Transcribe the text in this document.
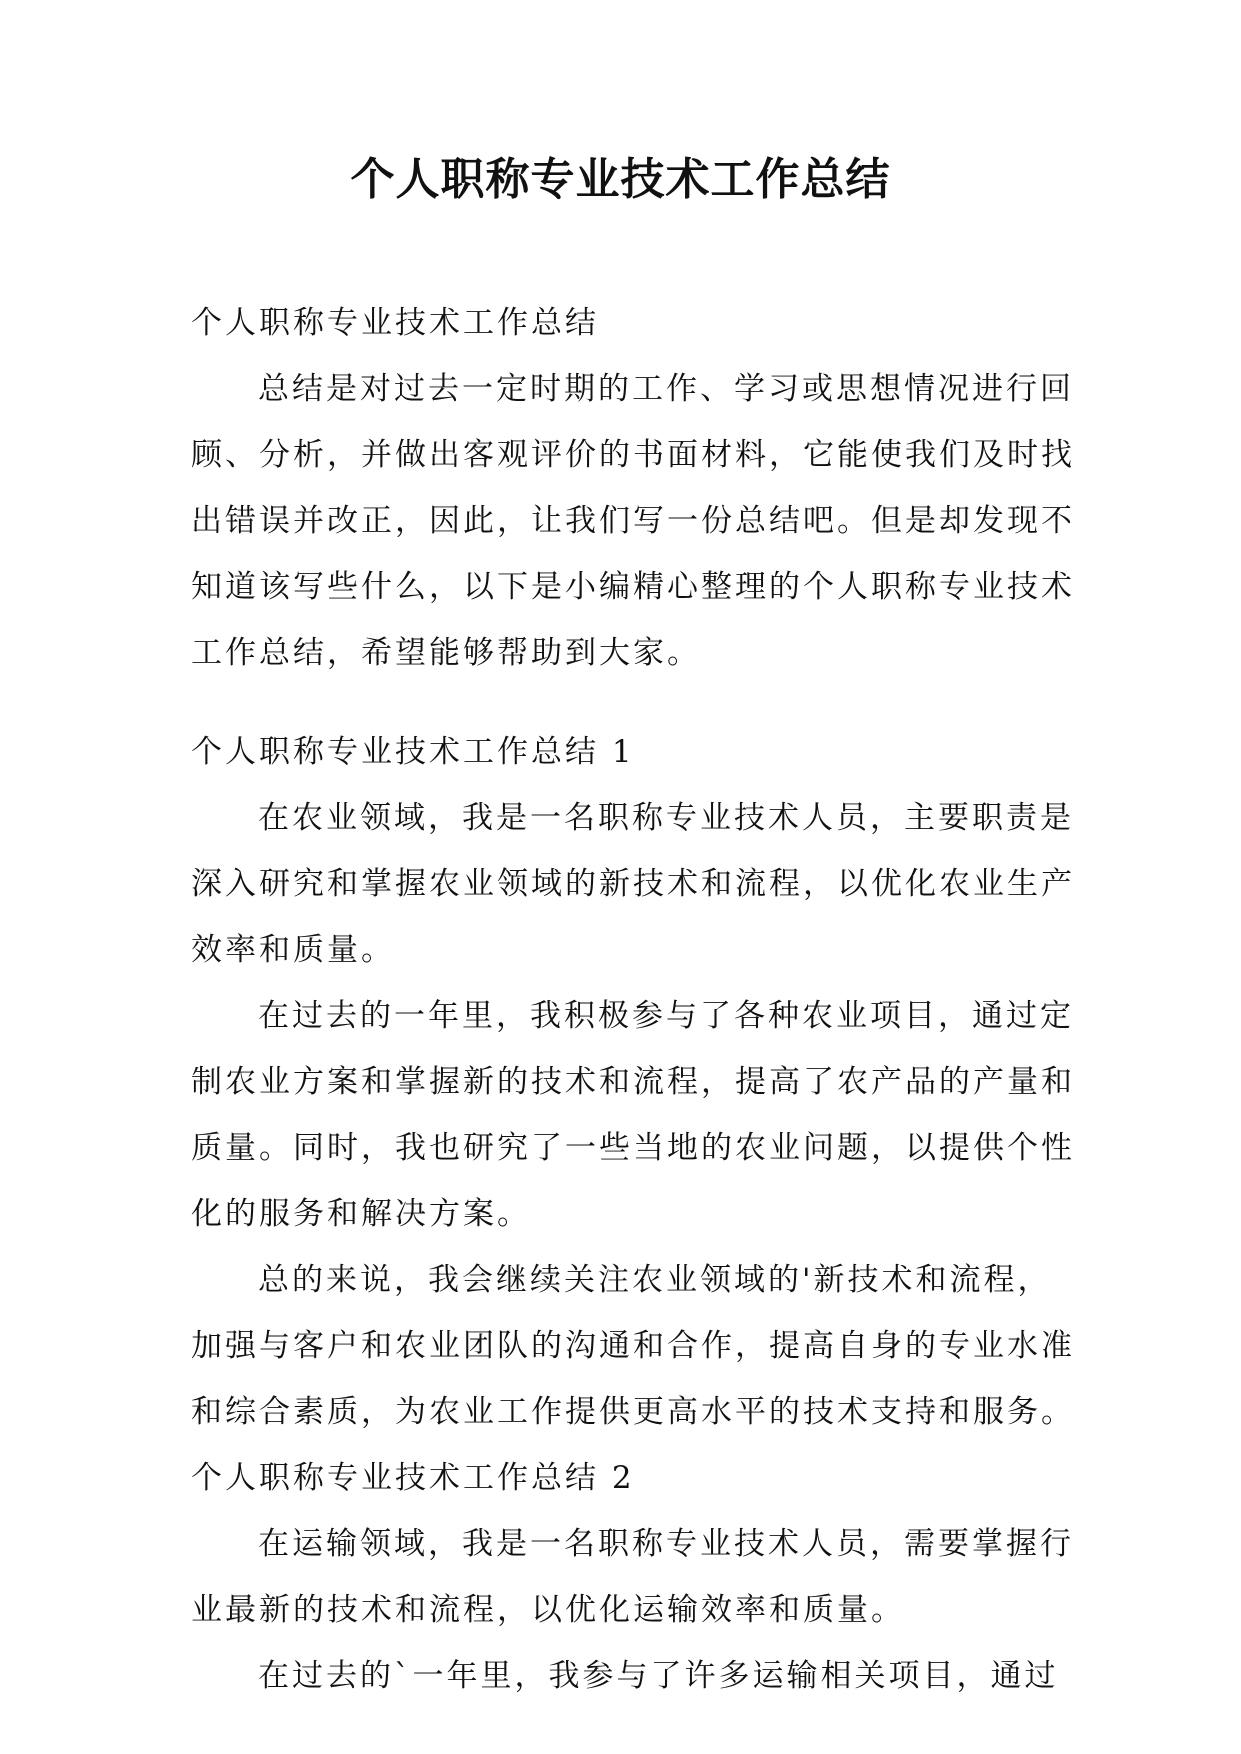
个人职称专业技术工作总结
个人职称专业技术工作总结
总结是对过去一定时期的工作、学习或思想情况进行回
顾、分析，并做出客观评价的书面材料，它能使我们及时找
出错误并改正，因此，让我们写一份总结吧。但是却发现不
知道该写些什么，以下是小编精心整理的个人职称专业技术
工作总结，希望能够帮助到大家。
个人职称专业技术工作总结 1
在农业领域，我是一名职称专业技术人员，主要职责是
深入研究和掌握农业领域的新技术和流程，以优化农业生产
效率和质量。
在过去的一年里，我积极参与了各种农业项目，通过定
制农业方案和掌握新的技术和流程，提高了农产品的产量和
质量。同时，我也研究了一些当地的农业问题，以提供个性
化的服务和解决方案。
总的来说，我会继续关注农业领域的'新技术和流程，
加强与客户和农业团队的沟通和合作，提高自身的专业水准
和综合素质，为农业工作提供更高水平的技术支持和服务。
个人职称专业技术工作总结 2
在运输领域，我是一名职称专业技术人员，需要掌握行
业最新的技术和流程，以优化运输效率和质量。
在过去的`一年里，我参与了许多运输相关项目，通过
